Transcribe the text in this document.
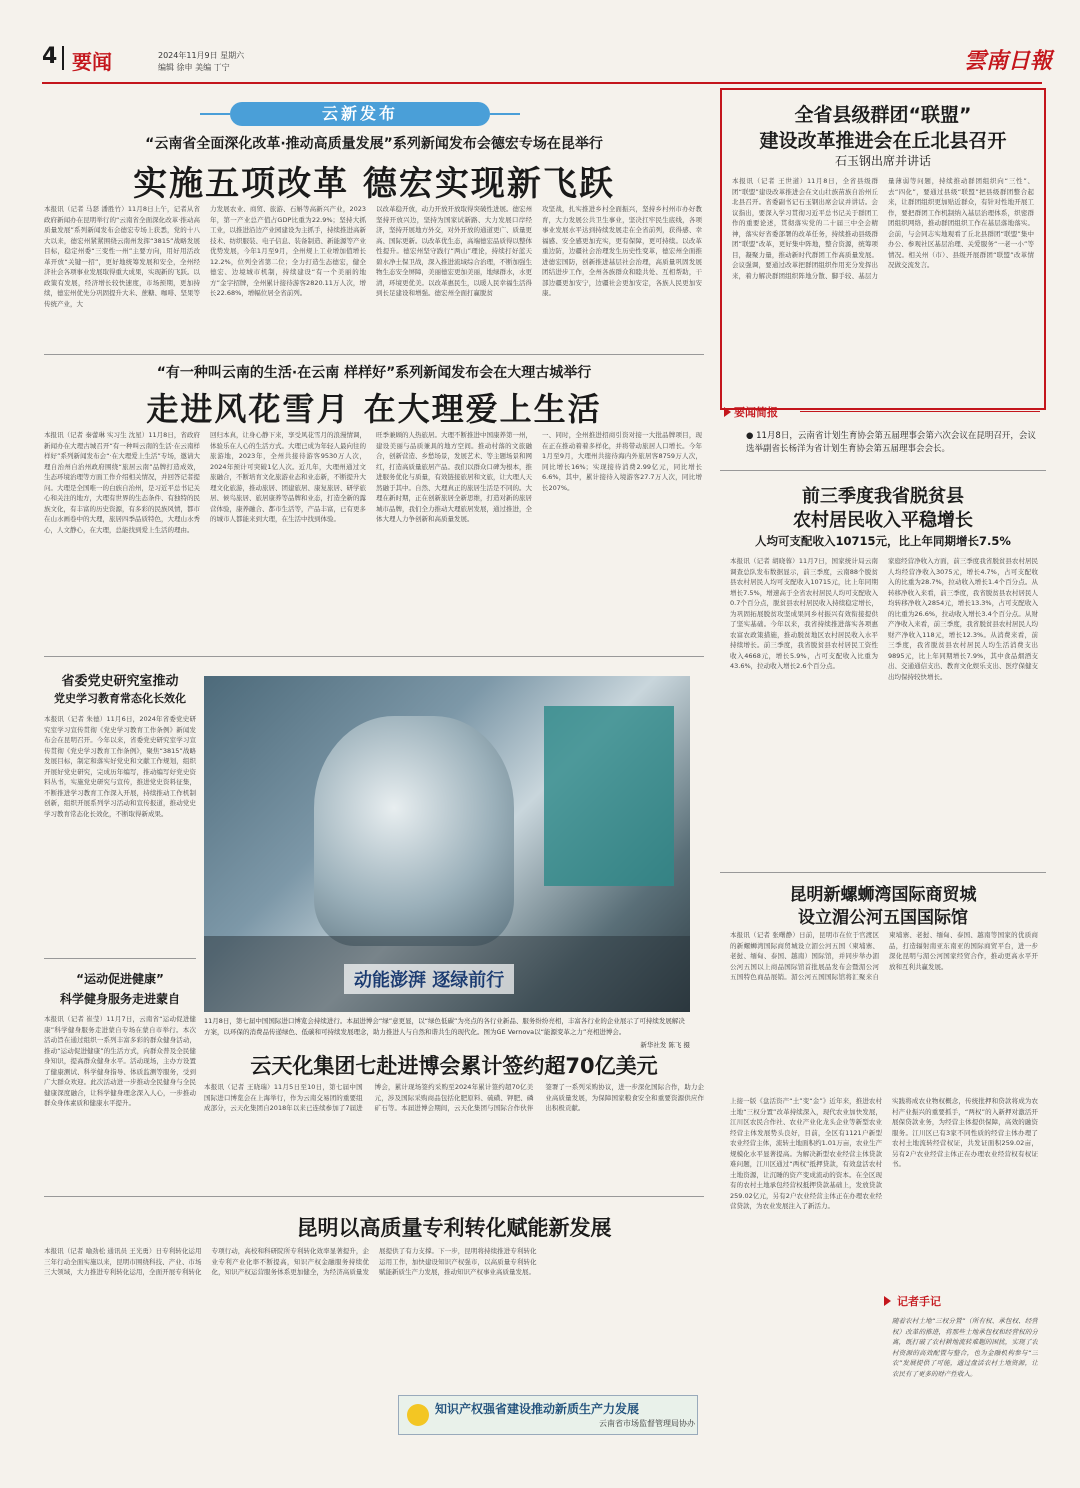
4 要闻	2024年11月9日 星期六
编辑 徐申 美编 丁宁	雲南日報
云新发布
“云南省全面深化改革·推动高质量发展”系列新闻发布会德宏专场在昆举行
实施五项改革 德宏实现新飞跃
本报讯（记者 马瑟 潘胜竹）11月8日上午，记者从省政府新闻办在昆明举行的“云南省全面深化改革·推动高质量发展”系列新闻发布会德宏专场上获悉，党的十八大以来，德宏州紧紧围绕云南州发挥“3815”战略发展目标，稳定州委“三变性一州”主要方向，用好用活改革开放“关键一招”，更好地统筹发展和安全，全州经济社会各项事业发展取得重大成果，实现新的飞跃。以政策有发展，经济增长较快速度，市场预期，更加持续，德宏州优先分巩固提升大米、蔗糖、咖啡、坚果等传统产业，大
力发展农业、商贸、旅游、石斛等高新兴产业，2023年，第一产业总产值占GDP比重为22.9%；坚持大抓工业，以推进沿边产业园建设为主抓手，持续推进高新技术、纺织服装、电子信息、装备制造、新能源等产业优势发展，今年1月至9月，全州规上工业增加值增长12.2%，位列全省第二位；全力打造生态德宏，健全德宏、边境城市机制，持续建设“有一个美丽的地方”金字招牌，全州累计接待游客2820.11万人次，增长22.68%，增幅位居全省前列。
以改革稳开放，动力开放开放取得突破性进展。德宏州坚持开放兴边，坚持为国家试新路、大力发展口岸经济，坚持开展地方外交，对外开放的通道更广、质量更高、国际更新。以改革优生态，高端德宏品质得以整体性提升。德宏州坚守践行“两山”理论，持续打好蓝天碧水净土保卫战，深入推进流域综合治理，不断加强生物生态安全屏障，美丽德宏更加美丽，地绿群水，水更清，环境更优美。以改革惠民生，以暖人民幸福生活得到长足建设和增强。德宏州全面打赢脱贫
攻坚战，扎实推进乡村全面振兴，坚持乡村州市办好教育，大力发展公共卫生事业，坚决扛牢民生底线，各项事业发展水平达到持续发展走在全省前列，获得感、幸福感、安全感更加充实，更有保障，更可持续。以改革重边防，边疆社会治理发生历史性变革，德宏州全面推进德宏国防，创新推进基层社会治理，高质量巩固发展团结进步工作，全州各族群众和睦共处、互相帮助，干部边疆更加安宁，边疆社会更加安定，各族人民更加安康。
全省县级群团“联盟”
建设改革推进会在丘北县召开
石玉钢出席并讲话
本报讯（记者 王世道）11月8日，全省县级群团“联盟”建设改革推进会在文山壮族苗族自治州丘北县召开。省委副书记石玉钢出席会议并讲话。会议指出，要深入学习贯彻习近平总书记关于群团工作的重要论述，贯彻落实党的二十届三中全会精神，落实好省委部署的改革任务，持续推动县级群团“联盟”改革，更好集中阵地，整合资源，统筹项目，凝聚力量，推动新时代群团工作高质量发展。会议强调，要通过改革把群团组织作用充分发挥出来，着力解决群团组织阵地分散、脚手较、基层力量薄弱等问题，持续推动群团组织向“三性”、去“四化”，要通过县级“联盟”把县级群团整合起来，让群团组织更加贴近群众，有针对性地开展工作，要把群团工作机制纳入基层治理体系，织密群团组织网络，推动群团组织工作在基层落地落实。会前，与会同志实地观看了丘北县群团“联盟”集中办公、参观社区基层治理、关爱服务“一老一小”等情况。相关州（市）、县级开展群团“联盟”改革情况做交流发言。
要闻简报
● 11月8日，云南省计划生育协会第五届理事会第六次会议在昆明召开，会议选举副省长杨洋为省计划生育协会第五届理事会会长。
“有一种叫云南的生活·在云南 样样好”系列新闻发布会在大理古城举行
走进风花雪月 在大理爱上生活
本报讯（记者 秦蕾琳 实习生 沈星）11月8日，省政府新闻办在大理古城召开“有一种叫云南的生活·在云南样样好”系列新闻发布会“·在大理爱上生活”专场，邀请大理自治州自治州政府围绕“旅居云南”品牌打造成效，生态环境治理等方面工作介绍相关情况，并回答记者提问。大理是全国唯一的白族自治州，是习近平总书记关心和关注的地方，大理有世界的生态条件、有独特的民族文化，有丰富的历史资源，有多彩的民族风情，都市在山水画卷中的大理，旅居四季品质特色，大理山水秀心，人文静心，在大理，总能找到爱上生活的理由。
回归本真，让身心静下来，享受风花雪月的浪漫情调，体验乐在人心的生活方式。大理已成为年轻人最向往的旅游地，2023年，全州共接待游客9530万人次，2024年预计可突破1亿人次。近几年，大理州通过文旅融合，不断培育文化旅游业态和业态新，不断提升大理文化旅游，推动旅居、团建旅居、康复旅居、研学旅居、候鸟旅居、旅居康养等品牌和业态，打造全新的露营体验，康养融合、都市生活等，产品丰富，已有更多的城市人都能来到大理，在生活中找到体验。
旺季兼顾的人热旅居。大理不断推进中国康养第一州，建设美丽与品质兼具的地方空间。推动村落的文旅融合，创新营造、乡愁场景，发展艺术、等主题场景和网红，打造高质量旅居产品。我们以群众口碑为根本，推进服务优化与质量，有效链接旅居和文旅，让大理人天然融于其中。自然、大理真正的旅居生活是不同的。大理在新时期，正在创新旅居全新思维，打造对新的旅居城市品牌，我们全力推动大理旅居发展，通过推进，全体大理人力争创新和高质量发展。
一、同时，全州推进招商引资对接一大批品牌项目，现在正在推动着着多样化，并将带动旅居人口增长。今年1月至9月，大理州共接待海内外旅居客8759万人次，同比增长16%；实现接待消费2.99亿元，同比增长6.6%，其中，累计接待入境游客27.7万人次，同比增长207%。	前三季度我省脱贫县
农村居民收入平稳增长
人均可支配收入10715元，比上年同期增长7.5%
本报讯（记者 胡晓蓉）11月7日，国家统计局云南调查总队发布数据显示，前三季度，云南88个脱贫县农村居民人均可支配收入10715元，比上年同期增长7.5%，增速高于全省农村居民人均可支配收入0.7个百分点，脱贫县农村居民收入持续稳定增长，为巩固拓展脱贫攻坚成果同乡村振兴有效衔接提供了坚实基础。今年以来，我省持续推进落实各项惠农富农政策措施，推动脱贫地区农村居民收入水平持续增长。前三季度，我省脱贫县农村居民工资性收入4668元，增长5.9%，占可支配收入比重为43.6%，拉动收入增长2.6个百分点。
家庭经营净收入方面，前三季度我省脱贫县农村居民人均经营净收入3075元，增长4.7%，占可支配收入的比重为28.7%，拉动收入增长1.4个百分点。从转移净收入来看，前三季度，我省脱贫县农村居民人均转移净收入2854元，增长13.3%，占可支配收入的比重为26.6%，拉动收入增长3.4个百分点。从财产净收入来看，前三季度，我省脱贫县农村居民人均财产净收入118元，增长12.3%。从消费来看，前三季度，我省脱贫县农村居民人均生活消费支出9895元，比上年同期增长7.9%，其中食品烟酒支出、交通通信支出、教育文化娱乐支出、医疗保健支出均保持较快增长。
昆明新螺蛳湾国际商贸城
设立湄公河五国国际馆
本报讯（记者 张曙静）日前，昆明市在位于官渡区的新螺蛳湾国际商贸城设立湄公河五国（柬埔寨、老挝、缅甸、泰国、越南）国际馆，并同步举办湄公河五国以上商品国际馆首批展品发布会暨湄公河五国特色商品展销。湄公河五国国际馆将汇聚来自柬埔寨、老挝、缅甸、泰国、越南等国家的优质商品，打造辐射南亚东南亚的国际商贸平台，进一步深化昆明与湄公河国家经贸合作，推动更高水平开放和互利共赢发展。
省委党史研究室推动
党史学习教育常态化长效化
本报讯（记者 朱德）11月6日，2024年省委党史研究室学习宣传贯彻《党史学习教育工作条例》新闻发布会在昆明召开。今年以来，省委党史研究室学习宣传贯彻《党史学习教育工作条例》，聚焦“3815”战略发展目标，制定和落实好党史和文献工作规划，组织开展好党史研究，完成历年编写，推动编写好党史资料丛书，实施党史研究与宣传，推进党史资料征集，不断推进学习教育工作深入开展，持续推动工作机制创新，组织开展系列学习活动和宣传报道，推动党史学习教育常态化长效化，不断取得新成果。
“运动促进健康”
科学健身服务走进蒙自
本报讯（记者 崔莹）11月7日，云南省“运动促进健康”科学健身服务走进蒙自专场在蒙自市举行。本次活动旨在通过组织一系列丰富多彩的群众健身活动，推动“运动促进健康”的生活方式，向群众普及全民健身知识，提高群众健身水平。活动现场，主办方设置了健康测试、科学健身指导、体质监测等服务，受到广大群众欢迎。此次活动进一步推动全民健身与全民健康深度融合，让科学健身理念深入人心，一步推动群众身体素质和健康水平提升。
动能澎湃 逐绿前行
11月8日，第七届中国国际进口博览会持续进行。本届进博会“绿”意更显，以“绿色低碳”为亮点的各行业新品、服务纷纷亮相，丰富各行业的企业展示了可持续发展解决方案，以环保的消费品传递绿色、低碳和可持续发展理念，助力推进人与自然和谐共生的现代化。图为GE Vernova以“能源变革之力”亮相进博会。
新华社发 陈飞 摄
云天化集团七赴进博会累计签约超70亿美元
本报讯（记者 王晓瑞）11月5日至10日，第七届中国国际进口博览会在上海举行，作为云南交易团的重要组成部分，云天化集团自2018年以来已连续参加了7届进博会，累计现场签约采购至2024年累计签约超70亿美元，涉及国际采购商品包括化肥原料、硫磺、钾肥、磷矿石等。本届进博会期间，云天化集团与国际合作伙伴签署了一系列采购协议，进一步深化国际合作，助力企业高质量发展，为保障国家粮食安全和重要资源供应作出积极贡献。
上接一版《盘活资产“土”变“金”》近年来，推进农村土地“三权分置”改革持续深入，现代农业加快发展，江川区农民合作社、农业产业化龙头企业等新型农业经营主体发展势头良好，目前，全区有1121户新型农业经营主体，流转土地面积约1.01万亩，农业生产规模化水平显著提高。为解决新型农业经营主体贷款难问题，江川区通过“两权”抵押贷款，有效盘活农村土地资源，让沉睡的资产变成流动的资本。在全区现有的农村土地承包经营权抵押贷款基础上，发放贷款259.02亿元，另有2户农业经营主体正在办理农业经营贷款，为农业发展注入了新活力。
实践将成农业物权概念，传统批押和贷款将成为农村产业振兴的重要抓手，“两权”的入新押对激活开展保贷款业务，为经营主体提供保障，高效的融资服务。江川区已有3家不同性质的经营主体办理了农村土地流转经营权证，共发证面积259.02亩，另有2户农业经营主体正在办理农业经营权有权证书。
记者手记
随着农村土地“三权分置”（所有权、承包权、经营权）改革的推进，将那些土地承包权和经营权的分离，既打破了农村耕地流转难题的困扰，实现了农村资源的高效配置与整合，也为金融机构参与“三农”发展提供了可能，通过盘活农村土地资源，让农民有了更多的财产性收入。
昆明以高质量专利转化赋能新发展
本报讯（记者 喻劲松 通讯员 王光勇）日专利转化运用三年行动全面实施以来，昆明市围绕科技、产业、市场三大领域，大力推进专利转化运用，全面开展专利转化专项行动，高校和科研院所专利转化效率显著提升，企业专利产业化率不断提高，知识产权金融服务持续优化，知识产权运营服务体系更加健全，为经济高质量发展提供了有力支撑。下一步，昆明将持续推进专利转化运用工作，加快建设知识产权强市，以高质量专利转化赋能新质生产力发展，推动知识产权事业高质量发展。
知识产权强省建设推动新质生产力发展
云南省市场监督管理局协办
